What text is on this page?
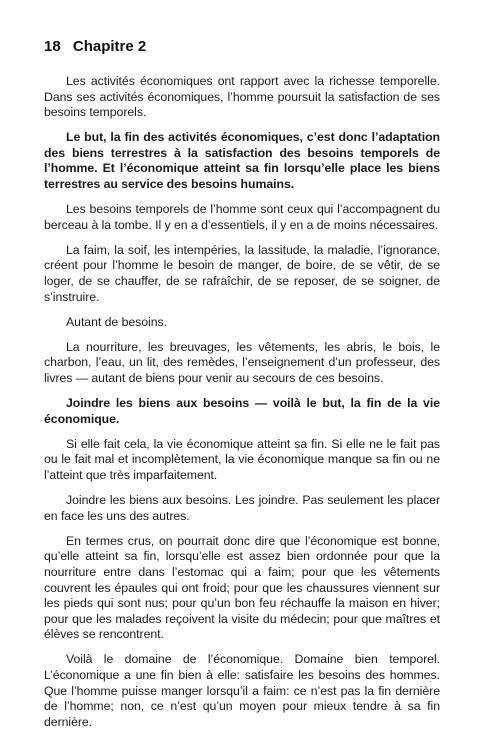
18 Chapitre 2

Les activités économiques ont rapport avec la richesse temporelle. Dans ses activités économiques, l’homme poursuit la satisfaction de ses besoins temporels.

Le but, la fin des activités économiques, c’est donc l’adaptation des biens terrestres à la satisfaction des besoins temporels de l’homme. Et l’économique atteint sa fin lorsqu’elle place les biens terrestres au service des besoins humains.

Les besoins temporels de l’homme sont ceux qui l’accompagnent du berceau à la tombe. Il y en a d’essentiels, il y en a de moins nécessaires.

La faim, la soif, les intempéries, la lassitude, la maladie, l’ignorance, créent pour l’homme le besoin de manger, de boire, de se vêtir, de se loger, de se chauffer, de se rafraîchir, de se reposer, de se soigner, de s’instruire.

Autant de besoins.

La nourriture, les breuvages, les vêtements, les abris, le bois, le charbon, l’eau, un lit, des remèdes, l’enseignement d’un professeur, des livres — autant de biens pour venir au secours de ces besoins.

Joindre les biens aux besoins — voilà le but, la fin de la vie économique.

Si elle fait cela, la vie économique atteint sa fin. Si elle ne le fait pas ou le fait mal et incomplètement, la vie économique manque sa fin ou ne l’atteint que très imparfaitement.

Joindre les biens aux besoins. Les joindre. Pas seulement les placer en face les uns des autres.

En termes crus, on pourrait donc dire que l’économique est bonne, qu’elle atteint sa fin, lorsqu’elle est assez bien ordonnée pour que la nourriture entre dans l’estomac qui a faim; pour que les vêtements couvrent les épaules qui ont froid; pour que les chaussures viennent sur les pieds qui sont nus; pour qu’un bon feu réchauffe la maison en hiver; pour que les malades reçoivent la visite du médecin; pour que maîtres et élèves se rencontrent.

Voilà le domaine de l’économique. Domaine bien temporel. L’économique a une fin bien à elle: satisfaire les besoins des hommes. Que l’homme puisse manger lorsqu’il a faim: ce n’est pas la fin dernière de l’homme; non, ce n’est qu’un moyen pour mieux tendre à sa fin dernière.
